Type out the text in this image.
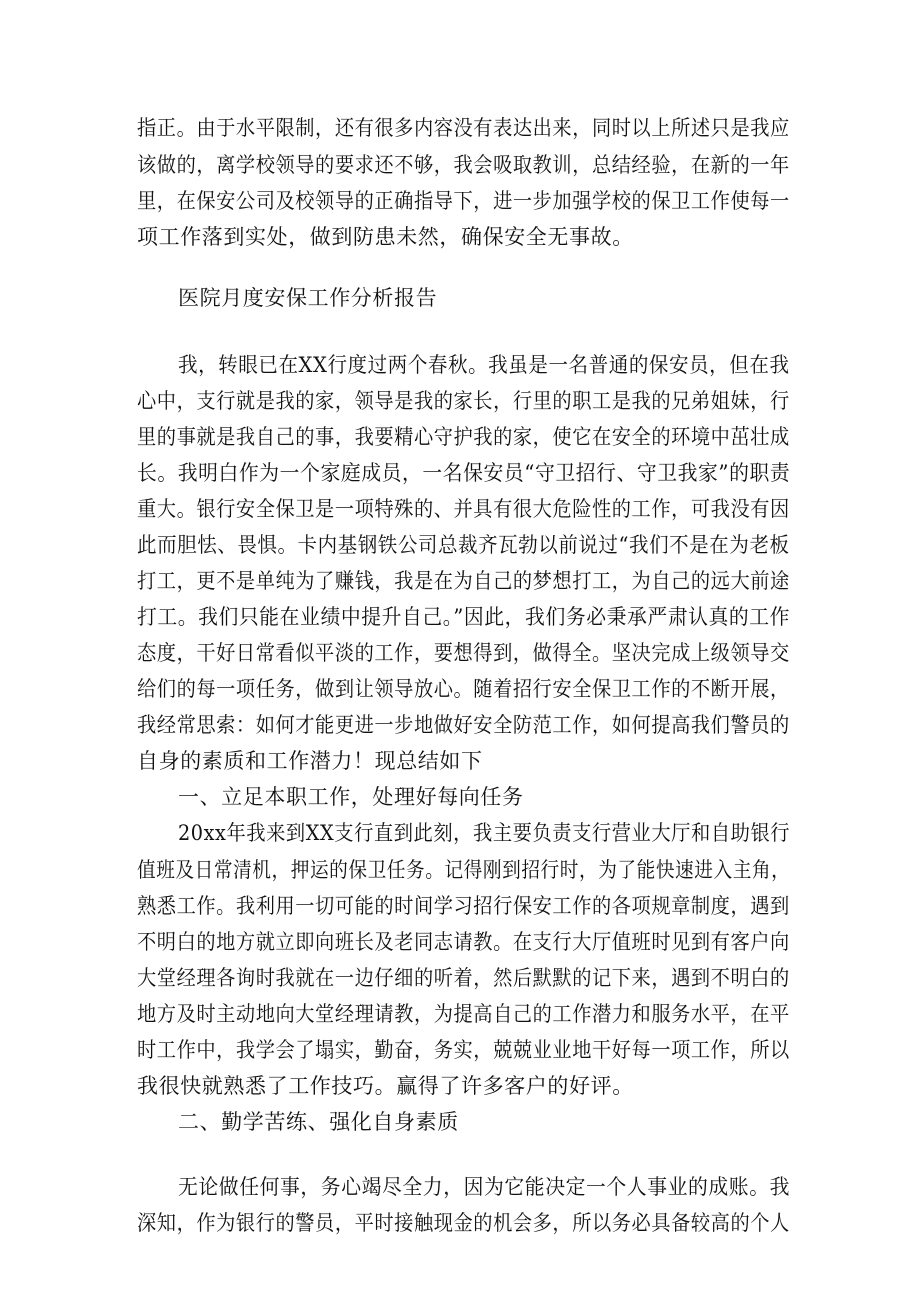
指正。由于水平限制，还有很多内容没有表达出来，同时以上所述只是我应
该做的，离学校领导的要求还不够，我会吸取教训，总结经验，在新的一年
里，在保安公司及校领导的正确指导下，进一步加强学校的保卫工作使每一
项工作落到实处，做到防患未然，确保安全无事故。
医院月度安保工作分析报告
我，转眼已在XX行度过两个春秋。我虽是一名普通的保安员，但在我
心中，支行就是我的家，领导是我的家长，行里的职工是我的兄弟姐妹，行
里的事就是我自己的事，我要精心守护我的家，使它在安全的环境中茁壮成
长。我明白作为一个家庭成员，一名保安员“守卫招行、守卫我家”的职责
重大。银行安全保卫是一项特殊的、并具有很大危险性的工作，可我没有因
此而胆怯、畏惧。卡内基钢铁公司总裁齐瓦勃以前说过“我们不是在为老板
打工，更不是单纯为了赚钱，我是在为自己的梦想打工，为自己的远大前途
打工。我们只能在业绩中提升自己。”因此，我们务必秉承严肃认真的工作
态度，干好日常看似平淡的工作，要想得到，做得全。坚决完成上级领导交
给们的每一项任务，做到让领导放心。随着招行安全保卫工作的不断开展，
我经常思索：如何才能更进一步地做好安全防范工作，如何提高我们警员的
自身的素质和工作潜力！现总结如下
一、立足本职工作，处理好每向任务
20xx年我来到XX支行直到此刻，我主要负责支行营业大厅和自助银行
值班及日常清机，押运的保卫任务。记得刚到招行时，为了能快速进入主角，
熟悉工作。我利用一切可能的时间学习招行保安工作的各项规章制度，遇到
不明白的地方就立即向班长及老同志请教。在支行大厅值班时见到有客户向
大堂经理各询时我就在一边仔细的听着，然后默默的记下来，遇到不明白的
地方及时主动地向大堂经理请教，为提高自己的工作潜力和服务水平，在平
时工作中，我学会了塌实，勤奋，务实，兢兢业业地干好每一项工作，所以
我很快就熟悉了工作技巧。赢得了许多客户的好评。
二、勤学苦练、强化自身素质
无论做任何事，务心竭尽全力，因为它能决定一个人事业的成账。我
深知，作为银行的警员，平时接触现金的机会多，所以务必具备较高的个人
